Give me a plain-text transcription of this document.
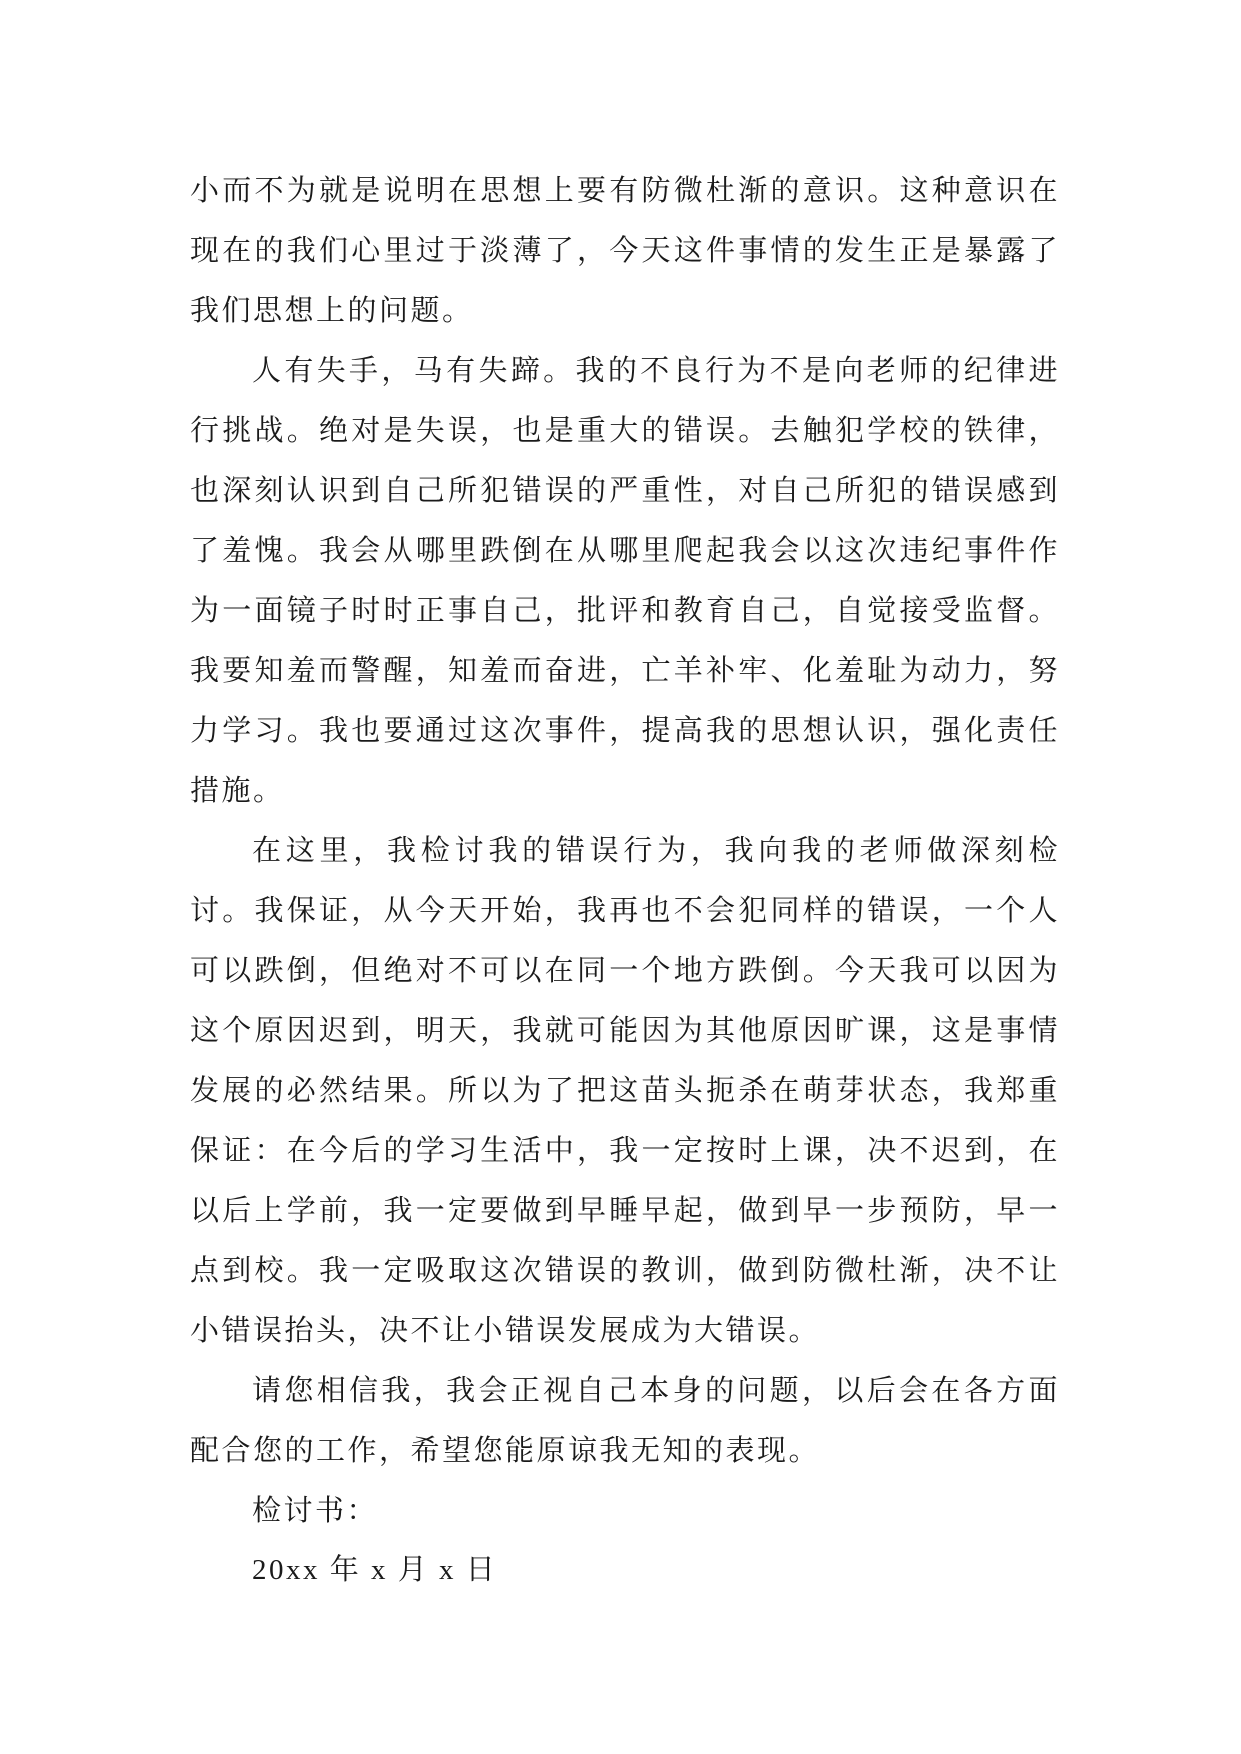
小而不为就是说明在思想上要有防微杜渐的意识。这种意识在现在的我们心里过于淡薄了，今天这件事情的发生正是暴露了我们思想上的问题。

人有失手，马有失蹄。我的不良行为不是向老师的纪律进行挑战。绝对是失误，也是重大的错误。去触犯学校的铁律，也深刻认识到自己所犯错误的严重性，对自己所犯的错误感到了羞愧。我会从哪里跌倒在从哪里爬起我会以这次违纪事件作为一面镜子时时正事自己，批评和教育自己，自觉接受监督。我要知羞而警醒，知羞而奋进，亡羊补牢、化羞耻为动力，努力学习。我也要通过这次事件，提高我的思想认识，强化责任措施。

在这里，我检讨我的错误行为，我向我的老师做深刻检讨。我保证，从今天开始，我再也不会犯同样的错误，一个人可以跌倒，但绝对不可以在同一个地方跌倒。今天我可以因为这个原因迟到，明天，我就可能因为其他原因旷课，这是事情发展的必然结果。所以为了把这苗头扼杀在萌芽状态，我郑重保证：在今后的学习生活中，我一定按时上课，决不迟到，在以后上学前，我一定要做到早睡早起，做到早一步预防，早一点到校。我一定吸取这次错误的教训，做到防微杜渐，决不让小错误抬头，决不让小错误发展成为大错误。

请您相信我，我会正视自己本身的问题，以后会在各方面配合您的工作，希望您能原谅我无知的表现。

检讨书：

20xx 年 x 月 x 日
